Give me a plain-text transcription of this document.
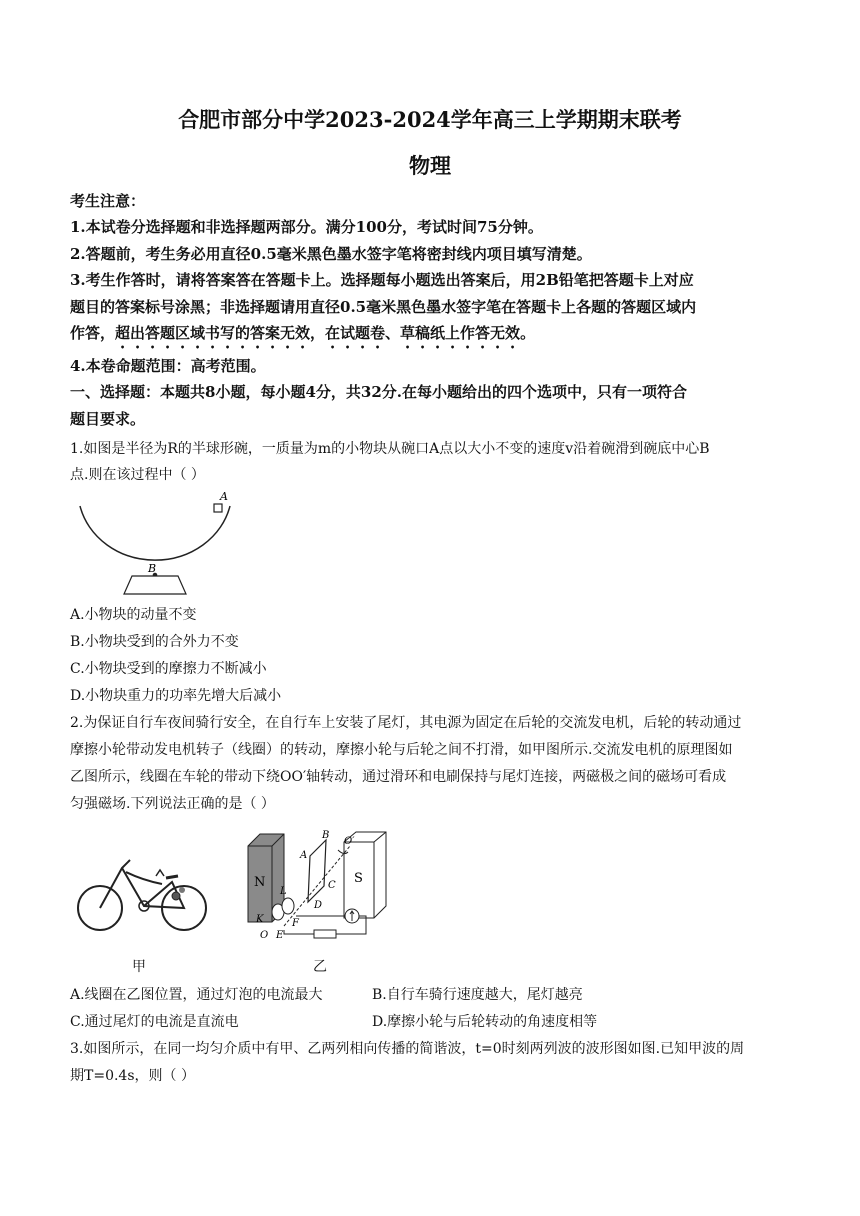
合肥市部分中学2023-2024学年高三上学期期末联考
物理
考生注意：
1.本试卷分选择题和非选择题两部分。满分100分，考试时间75分钟。
2.答题前，考生务必用直径0.5毫米黑色墨水签字笔将密封线内项目填写清楚。
3.考生作答时，请将答案答在答题卡上。选择题每小题选出答案后，用2B铅笔把答题卡上对应
题目的答案标号涂黑；非选择题请用直径0.5毫米黑色墨水签字笔在答题卡上各题的答题区域内
作答，超出答题区域书写的答案无效，在试题卷、草稿纸上作答无效。
4.本卷命题范围：高考范围。
一、选择题：本题共8小题，每小题4分，共32分.在每小题给出的四个选项中，只有一项符合
题目要求。
1.如图是半径为R的半球形碗，一质量为m的小物块从碗口A点以大小不变的速度v沿着碗滑到碗底中心B
点.则在该过程中（ ）
A
B
A.小物块的动量不变
B.小物块受到的合外力不变
C.小物块受到的摩擦力不断减小
D.小物块重力的功率先增大后减小
2.为保证自行车夜间骑行安全，在自行车上安装了尾灯，其电源为固定在后轮的交流发电机，后轮的转动通过
摩擦小轮带动发电机转子（线圈）的转动，摩擦小轮与后轮之间不打滑，如甲图所示.交流发电机的原理图如
乙图所示，线圈在车轮的带动下绕OO′轴转动，通过滑环和电刷保持与尾灯连接，两磁极之间的磁场可看成
匀强磁场.下列说法正确的是（ ）
甲
N	S
A
B
C
D
O′
K
L
F
E
O
乙
A.线圈在乙图位置，通过灯泡的电流最大	B.自行车骑行速度越大，尾灯越亮
C.通过尾灯的电流是直流电	D.摩擦小轮与后轮转动的角速度相等
3.如图所示，在同一均匀介质中有甲、乙两列相向传播的简谐波，t=0时刻两列波的波形图如图.已知甲波的周
期T=0.4s，则（ ）
